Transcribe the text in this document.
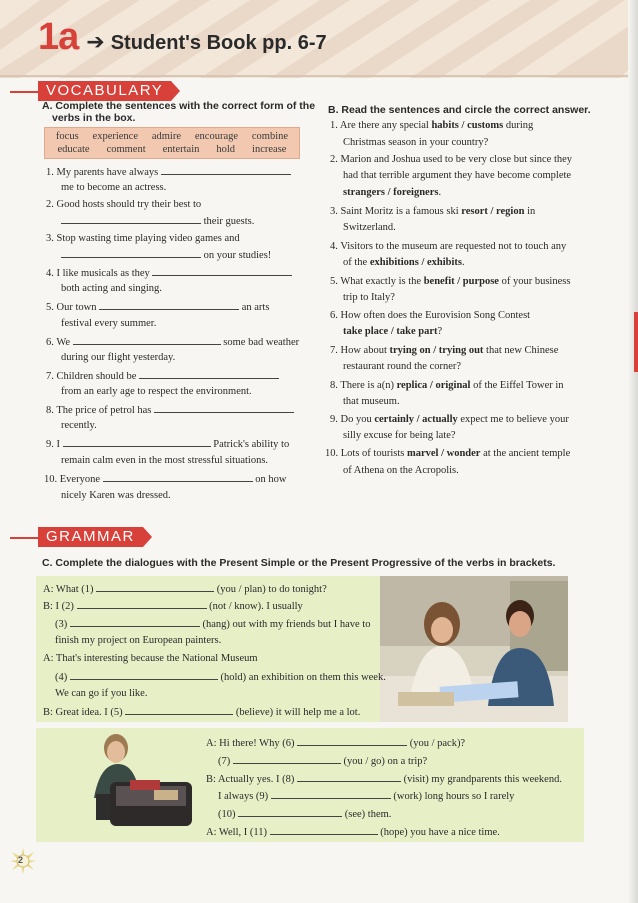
1a ➔ Student's Book pp. 6-7
VOCABULARY
A. Complete the sentences with the correct form of the
verbs in the box.
focus experience admire encourage combine
educate comment entertain hold increase
1. My parents have always
me to become an actress.
2. Good hosts should try their best to
their guests.
3. Stop wasting time playing video games and
on your studies!
4. I like musicals as they
both acting and singing.
5. Our town	an arts
festival every summer.
6. We	some bad weather
during our flight yesterday.
7. Children should be
from an early age to respect the environment.
8. The price of petrol has
recently.
9. I	Patrick's ability to
remain calm even in the most stressful situations.
10. Everyone	on how
nicely Karen was dressed.
B. Read the sentences and circle the correct answer.
1. Are there any special habits / customs during
Christmas season in your country?
2. Marion and Joshua used to be very close but since they
had that terrible argument they have become complete
strangers / foreigners.
3. Saint Moritz is a famous ski resort / region in
Switzerland.
4. Visitors to the museum are requested not to touch any
of the exhibitions / exhibits.
5. What exactly is the benefit / purpose of your business
trip to Italy?
6. How often does the Eurovision Song Contest
take place / take part?
7. How about trying on / trying out that new Chinese
restaurant round the corner?
8. There is a(n) replica / original of the Eiffel Tower in
that museum.
9. Do you certainly / actually expect me to believe your
silly excuse for being late?
10. Lots of tourists marvel / wonder at the ancient temple
of Athena on the Acropolis.
GRAMMAR
C. Complete the dialogues with the Present Simple or the Present Progressive of the verbs in brackets.
A: What (1)	(you / plan) to do tonight?
B: I (2)	(not / know). I usually
(3)	(hang) out with my friends but I have to
finish my project on European painters.
A: That's interesting because the National Museum
(4)	(hold) an exhibition on them this week.
We can go if you like.
B: Great idea. I (5)	(believe) it will help me a lot.
A: Hi there! Why (6)	(you / pack)?
(7)	(you / go) on a trip?
B: Actually yes. I (8)	(visit) my grandparents this weekend.
I always (9)	(work) long hours so I rarely
(10)	(see) them.
A: Well, I (11)	(hope) you have a nice time.
2
